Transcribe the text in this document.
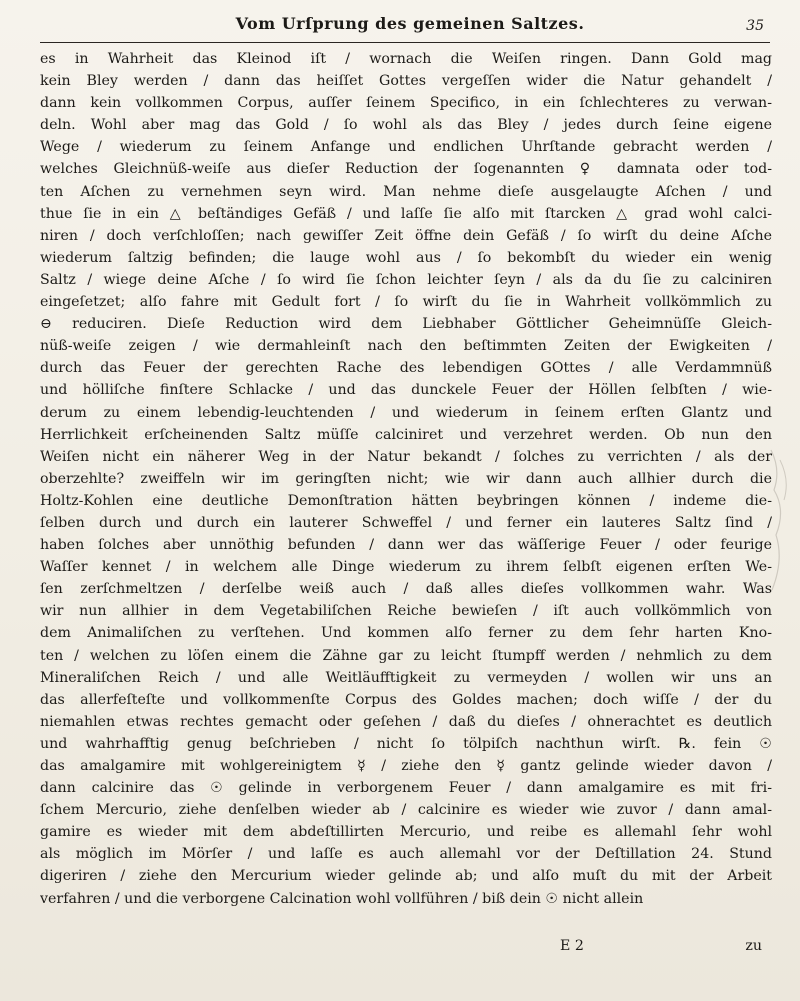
Vom Urſprung des gemeinen Saltzes.	35
es in Wahrheit das Kleinod iſt / wornach die Weiſen ringen. Dann Gold mag
kein Bley werden / dann das heiſſet Gottes vergeſſen wider die Natur gehandelt /
dann kein vollkommen Corpus, auſſer ſeinem Specifico, in ein ſchlechteres zu verwan-
deln. Wohl aber mag das Gold / ſo wohl als das Bley / jedes durch ſeine eigene
Wege / wiederum zu ſeinem Anfange und endlichen Uhrſtande gebracht werden /
welches Gleichnüß-weiſe aus dieſer Reduction der ſogenannten ♀ damnata oder tod-
ten Aſchen zu vernehmen seyn wird. Man nehme dieſe ausgelaugte Aſchen / und
thue ſie in ein △ beſtändiges Gefäß / und laſſe ſie alſo mit ſtarcken △ grad wohl calci-
niren / doch verſchloſſen; nach gewiſſer Zeit öffne dein Gefäß / ſo wirſt du deine Aſche
wiederum ſaltzig befinden; die lauge wohl aus / ſo bekombſt du wieder ein wenig
Saltz / wiege deine Aſche / ſo wird ſie ſchon leichter ſeyn / als da du ſie zu calciniren
eingeſetzet; alſo fahre mit Gedult fort / ſo wirſt du ſie in Wahrheit vollkömmlich zu
⊖ reduciren. Dieſe Reduction wird dem Liebhaber Göttlicher Geheimnüſſe Gleich-
nüß-weiſe zeigen / wie dermahleinſt nach den beſtimmten Zeiten der Ewigkeiten /
durch das Feuer der gerechten Rache des lebendigen GOttes / alle Verdammnüß
und hölliſche finſtere Schlacke / und das dunckele Feuer der Höllen ſelbſten / wie-
derum zu einem lebendig-leuchtenden / und wiederum in ſeinem erſten Glantz und
Herrlichkeit erſcheinenden Saltz müſſe calciniret und verzehret werden. Ob nun den
Weiſen nicht ein näherer Weg in der Natur bekandt / ſolches zu verrichten / als der
oberzehlte? zweiffeln wir im geringſten nicht; wie wir dann auch allhier durch die
Holtz-Kohlen eine deutliche Demonſtration hätten beybringen können / indeme die-
ſelben durch und durch ein lauterer Schweffel / und ferner ein lauteres Saltz ſind /
haben ſolches aber unnöthig befunden / dann wer das wäſſerige Feuer / oder feurige
Waſſer kennet / in welchem alle Dinge wiederum zu ihrem ſelbſt eigenen erſten We-
ſen zerſchmeltzen / derſelbe weiß auch / daß alles dieſes vollkommen wahr. Was
wir nun allhier in dem Vegetabiliſchen Reiche bewieſen / iſt auch vollkömmlich von
dem Animaliſchen zu verſtehen. Und kommen alſo ferner zu dem ſehr harten Kno-
ten / welchen zu löſen einem die Zähne gar zu leicht ſtumpff werden / nehmlich zu dem
Mineraliſchen Reich / und alle Weitläufftigkeit zu vermeyden / wollen wir uns an
das allerfeſteſte und vollkommenſte Corpus des Goldes machen; doch wiſſe / der du
niemahlen etwas rechtes gemacht oder geſehen / daß du dieſes / ohnerachtet es deutlich
und wahrhafftig genug beſchrieben / nicht ſo tölpiſch nachthun wirſt. ℞. fein ☉
das amalgamire mit wohlgereinigtem ☿ / ziehe den ☿ gantz gelinde wieder davon /
dann calcinire das ☉ gelinde in verborgenem Feuer / dann amalgamire es mit fri-
ſchem Mercurio, ziehe denſelben wieder ab / calcinire es wieder wie zuvor / dann amal-
gamire es wieder mit dem abdeſtillirten Mercurio, und reibe es allemahl ſehr wohl
als möglich im Mörſer / und laſſe es auch allemahl vor der Deſtillation 24. Stund
digeriren / ziehe den Mercurium wieder gelinde ab; und alſo muſt du mit der Arbeit
verfahren / und die verborgene Calcination wohl vollführen / biß dein ☉ nicht allein
E 2	zu
